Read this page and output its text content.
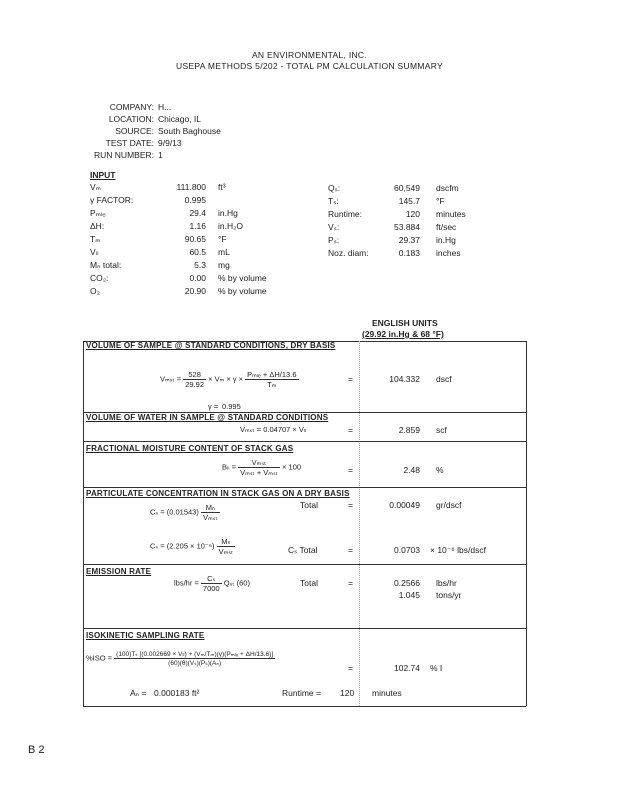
AN ENVIRONMENTAL, INC.
USEPA METHODS 5/202 - TOTAL PM CALCULATION SUMMARY
COMPANY: H...
LOCATION: Chicago, IL
SOURCE: South Baghouse
TEST DATE: 9/9/13
RUN NUMBER: 1
INPUT
Vₘ	111.800 ft³
γ FACTOR:	0.995
Pₘₗₑ	29.4 in.Hg
ΔH:	1.16 in.H₂O
Tₘ	90.65 °F
Vₗₗ	60.5 mL
Mₙ total:	5.3 mg
CO₂:	0.00 % by volume
O₂	20.90 % by volume
Qₛ:	60,549 dscfm
Tₛ:	145.7 °F
Runtime:	120 minutes
Vₛ:	53.884 ft/sec
Pₛ:	29.37 in.Hg
Noz. diam:	0.183 inches
ENGLISH UNITS
(29.92 in.Hg & 68 °F)
VOLUME OF SAMPLE @ STANDARD CONDITIONS, DRY BASIS
Vₘₛₜ⁤ = $\frac{528}{29.92} \times V_m \times \gamma \times \frac{\text{Pₘₗₑ + ΔH/13.6}}{\text{Tₘ}}$	=	104.332 dscf
γ = 0.995
VOLUME OF WATER IN SAMPLE @ STANDARD CONDITIONS
Vₘₛₜ⁤ = 0.04707 × Vₗₗ	=	2.859 scf
FRACTIONAL MOISTURE CONTENT OF STACK GAS
$B_{ll} = \frac{\text{Vₘₛₜ⁤}}{\text{Vₘₛₜ⁤ + Vₘₛₜ⁤}} \times 100$	=	2.48 %
PARTICULATE CONCENTRATION IN STACK GAS ON A DRY BASIS
$C_s = (0.01543) \frac{\text{Mₙ}}{\text{Vₘₛₜ⁤}}$	Total	=	0.00049 gr/dscf
$C_s = (2.205 \times 10^{-6}) \frac{\text{Mₙ}}{\text{Vₘₛₜ⁤}}$	Cₛ Total	=	0.0703 × 10⁻⁶ lbs/dscf
EMISSION RATE
$lbs/hr = \frac{\text{Cₛ}}{7000}$ Qₛₜ⁤ (60)	Total	=	0.2566 lbs/hr
1.045 tons/yr
ISOKINETIC SAMPLING RATE
$\%ISO = \frac{\text{(100)Tₛ [(0.002669 × Vₗₗ) + (Vₘ/Tₘ)(γ)(Pₘₗₑ + ΔH/13.6)]}}{\text{(60)(θ)(Vₛ)(Pₛ)(Aₙ)}}$
=	102.74 % I
Aₙ = 0.000183 ft²	Runtime = 120 minutes
B 2
